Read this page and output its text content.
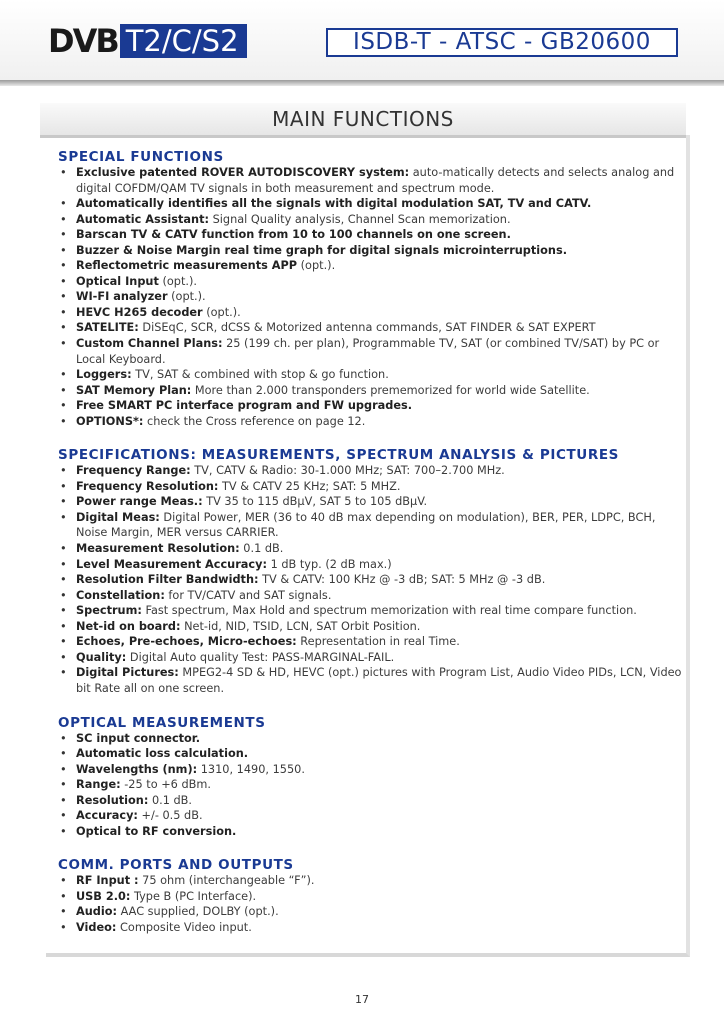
DVB T2/C/S2	ISDB-T - ATSC - GB20600
MAIN FUNCTIONS
SPECIAL FUNCTIONS
• Exclusive patented ROVER AUTODISCOVERY system: auto-matically detects and selects analog and digital COFDM/QAM TV signals in both measurement and spectrum mode.
• Automatically identifies all the signals with digital modulation SAT, TV and CATV.
• Automatic Assistant: Signal Quality analysis, Channel Scan memorization.
• Barscan TV & CATV function from 10 to 100 channels on one screen.
• Buzzer & Noise Margin real time graph for digital signals microinterruptions.
• Reflectometric measurements APP (opt.).
• Optical Input (opt.).
• WI-FI analyzer (opt.).
• HEVC H265 decoder (opt.).
• SATELITE: DiSEqC, SCR, dCSS & Motorized antenna commands, SAT FINDER & SAT EXPERT
• Custom Channel Plans: 25 (199 ch. per plan), Programmable TV, SAT (or combined TV/SAT) by PC or Local Keyboard.
• Loggers: TV, SAT & combined with stop & go function.
• SAT Memory Plan: More than 2.000 transponders prememorized for world wide Satellite.
• Free SMART PC interface program and FW upgrades.
• OPTIONS*: check the Cross reference on page 12.
SPECIFICATIONS: MEASUREMENTS, SPECTRUM ANALYSIS & PICTURES
• Frequency Range: TV, CATV & Radio: 30-1.000 MHz; SAT: 700–2.700 MHz.
• Frequency Resolution: TV & CATV 25 KHz; SAT: 5 MHZ.
• Power range Meas.: TV 35 to 115 dBµV, SAT 5 to 105 dBµV.
• Digital Meas: Digital Power, MER (36 to 40 dB max depending on modulation), BER, PER, LDPC, BCH, Noise Margin, MER versus CARRIER.
• Measurement Resolution: 0.1 dB.
• Level Measurement Accuracy: 1 dB typ. (2 dB max.)
• Resolution Filter Bandwidth: TV & CATV: 100 KHz @ -3 dB; SAT: 5 MHz @ -3 dB.
• Constellation: for TV/CATV and SAT signals.
• Spectrum: Fast spectrum, Max Hold and spectrum memorization with real time compare function.
• Net-id on board: Net-id, NID, TSID, LCN, SAT Orbit Position.
• Echoes, Pre-echoes, Micro-echoes: Representation in real Time.
• Quality: Digital Auto quality Test: PASS-MARGINAL-FAIL.
• Digital Pictures: MPEG2-4 SD & HD, HEVC (opt.) pictures with Program List, Audio Video PIDs, LCN, Video bit Rate all on one screen.
OPTICAL MEASUREMENTS
• SC input connector.
• Automatic loss calculation.
• Wavelengths (nm): 1310, 1490, 1550.
• Range: -25 to +6 dBm.
• Resolution: 0.1 dB.
• Accuracy: +/- 0.5 dB.
• Optical to RF conversion.
COMM. PORTS AND OUTPUTS
• RF Input : 75 ohm (interchangeable “F”).
• USB 2.0: Type B (PC Interface).
• Audio: AAC supplied, DOLBY (opt.).
• Video: Composite Video input.
17
